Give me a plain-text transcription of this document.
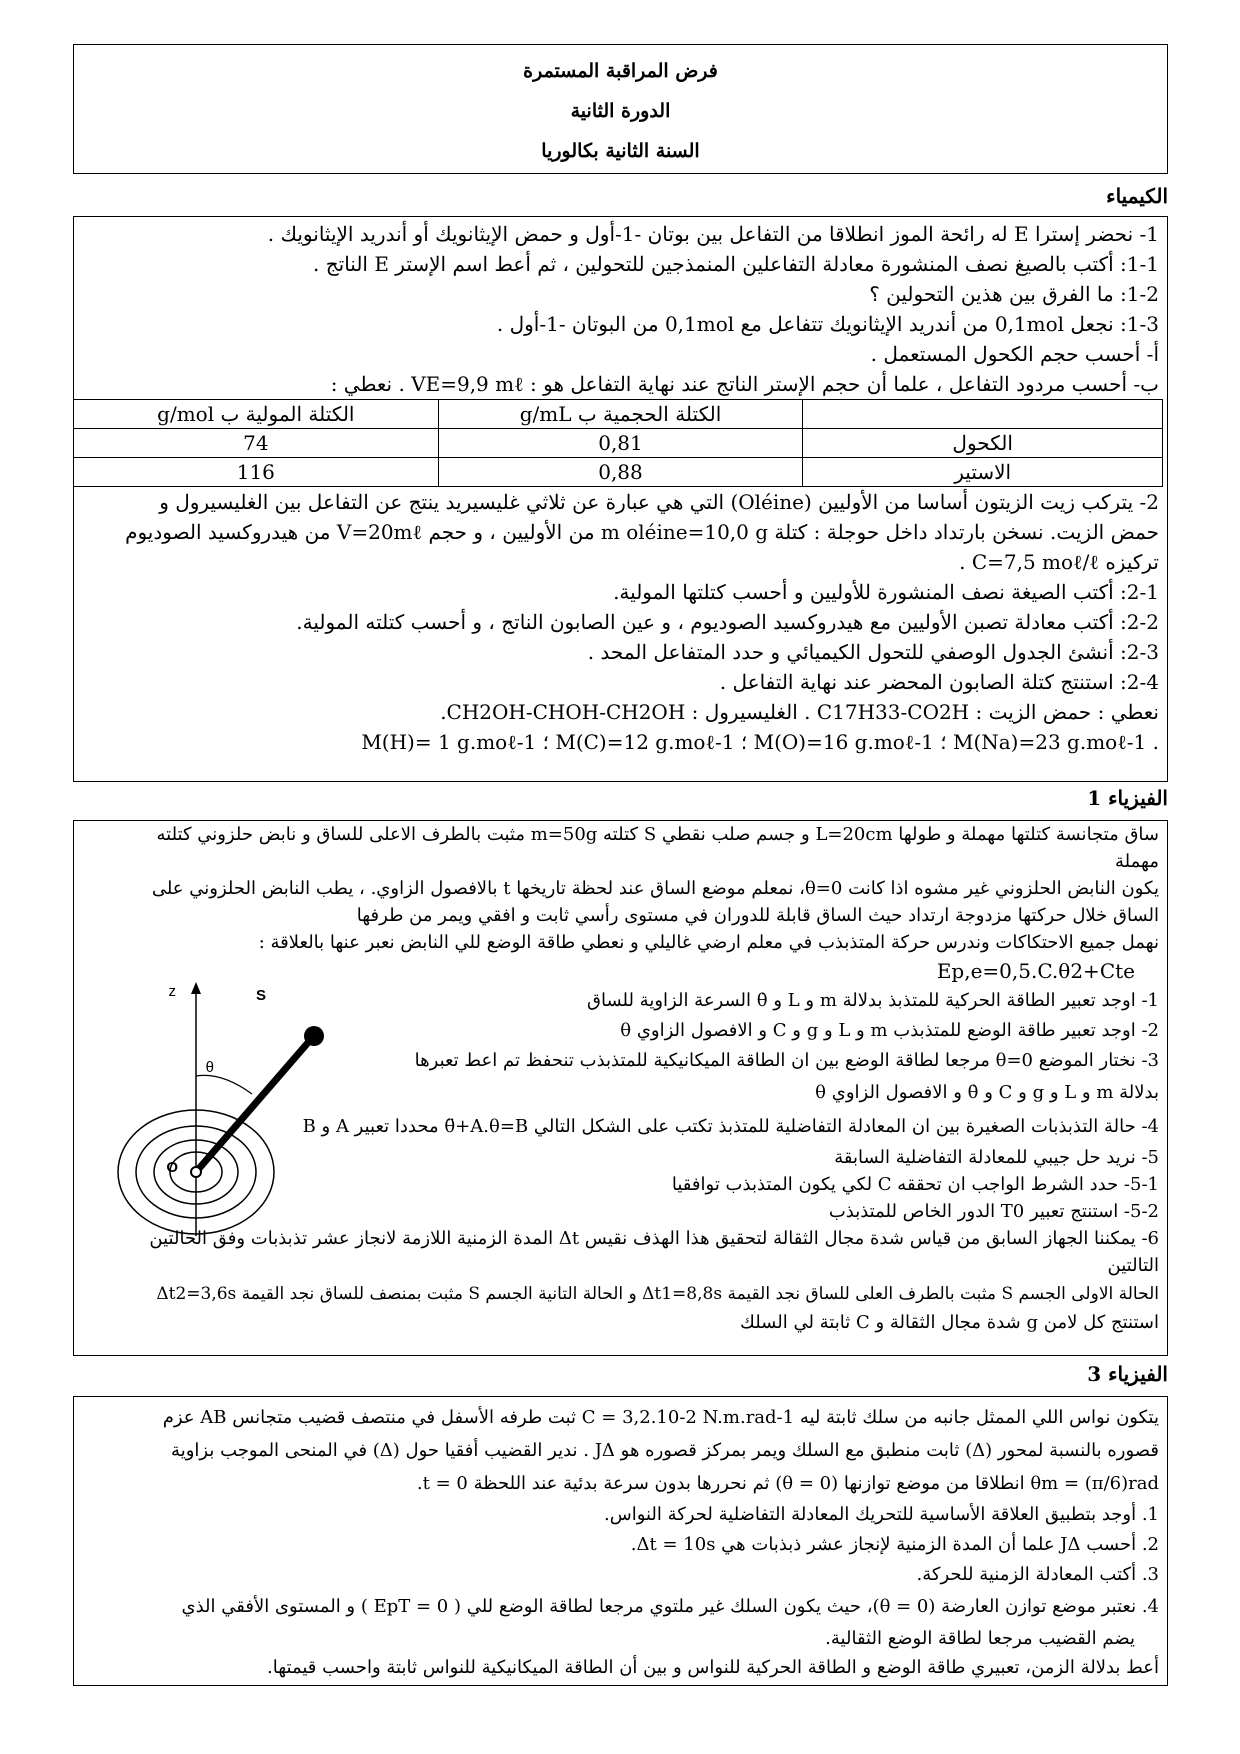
فرض المراقبة المستمرة
الدورة الثانية
السنة الثانية بكالوريا
الكيمياء
1- نحضر إسترا E له رائحة الموز انطلاقا من التفاعل بين بوتان -1-أول و حمض الإيثانويك أو أندريد الإيثانويك .
1-1: أكتب بالصيغ نصف المنشورة معادلة التفاعلين المنمذجين للتحولين ، ثم أعط اسم الإستر E الناتج .
1-2: ما الفرق بين هذين التحولين ؟
1-3: نجعل 0,1mol من أندريد الإيثانويك تتفاعل مع 0,1mol من البوتان -1-أول .
أ- أحسب حجم الكحول المستعمل .
ب- أحسب مردود التفاعل ، علما أن حجم الإستر الناتج عند نهاية التفاعل هو : VE=9,9 mℓ . نعطي :
	الكتلة الحجمية ب g/mL	الكتلة المولية ب g/mol
الكحول	0,81	74
الاستير	0,88	116
2- يتركب زيت الزيتون أساسا من الأوليين (Oléine) التي هي عبارة عن ثلاثي غليسيريد ينتج عن التفاعل بين الغليسيرول و
حمض الزيت. نسخن بارتداد داخل حوجلة : كتلة m oléine=10,0 g من الأوليين ، و حجم V=20mℓ من هيدروكسيد الصوديوم
تركيزه C=7,5 moℓ/ℓ .
2-1: أكتب الصيغة نصف المنشورة للأوليين و أحسب كتلتها المولية.
2-2: أكتب معادلة تصبن الأوليين مع هيدروكسيد الصوديوم ، و عين الصابون الناتج ، و أحسب كتلته المولية.
2-3: أنشئ الجدول الوصفي للتحول الكيميائي و حدد المتفاعل المحد .
2-4: استنتج كتلة الصابون المحضر عند نهاية التفاعل .
نعطي : حمض الزيت : C17H33-CO2H . الغليسيرول : CH2OH-CHOH-CH2OH.
. M(Na)=23 g.moℓ-1 ؛ M(O)=16 g.moℓ-1 ؛ M(C)=12 g.moℓ-1 ؛ M(H)= 1 g.moℓ-1
الفيزياء 1
ساق متجانسة كتلتها مهملة و طولها L=20cm و جسم صلب نقطي S كتلته m=50g مثبت بالطرف الاعلى للساق و نابض حلزوني كتلته
مهملة
يكون النابض الحلزوني غير مشوه اذا كانت θ=0، نمعلم موضع الساق عند لحظة تاريخها t بالافصول الزاوي. ، يطب النابض الحلزوني على
الساق خلال حركتها مزدوجة ارتداد حيث الساق قابلة للدوران في مستوى رأسي ثابت و افقي ويمر من طرفها
نهمل جميع الاحتكاكات وندرس حركة المتذبذب في معلم ارضي غاليلي و نعطي طاقة الوضع للي النابض نعبر عنها بالعلاقة :
Ep,e=0,5.C.θ2+Cte
1- اوجد تعبير الطاقة الحركية للمتذبذ بدلالة m و L و θ̇ السرعة الزاوية للساق
2- اوجد تعبير طاقة الوضع للمتذبذب m و L و g و C و الافصول الزاوي θ
3- نختار الموضع θ=0 مرجعا لطاقة الوضع بين ان الطاقة الميكانيكية للمتذبذب تنحفظ تم اعط تعبرها
بدلالة m و L و g و C و θ̇ و الافصول الزاوي θ
4- حالة التذبذبات الصغيرة بين ان المعادلة التفاضلية للمتذبذ تكتب على الشكل التالي θ̈+A.θ=B محددا تعبير A و B
5- نريد حل جيبي للمعادلة التفاضلية السابقة
5-1- حدد الشرط الواجب ان تحققه C لكي يكون المتذبذب توافقيا
5-2- استنتج تعبير T0 الدور الخاص للمتذبذب
6- يمكننا الجهاز السابق من قياس شدة مجال الثقالة لتحقيق هذا الهذف نقيس Δt المدة الزمنية اللازمة لانجاز عشر تذبذبات وفق الحالتين
التالتين
الحالة الاولى الجسم S مثبت بالطرف العلى للساق نجد القيمة Δt1=8,8s و الحالة التانية الجسم S مثبت بمنصف للساق نجد القيمة Δt2=3,6s
استنتج كل لامن g شدة مجال الثقالة و C ثابتة لي السلك
z	S
θ
O
الفيزياء 3
يتكون نواس اللي الممثل جانبه من سلك ثابتة ليه C = 3,2.10-2 N.m.rad-1 ثبت طرفه الأسفل في منتصف قضيب متجانس AB عزم
قصوره بالنسبة لمحور (Δ) ثابت منطبق مع السلك ويمر بمركز قصوره هو JΔ . ندير القضيب أفقيا حول (Δ) في المنحى الموجب بزاوية
θm = (π/6)rad انطلاقا من موضع توازنها (θ = 0) ثم نحررها بدون سرعة بدئية عند اللحظة t = 0.
1. أوجد بتطبيق العلاقة الأساسية للتحريك المعادلة التفاضلية لحركة النواس.
2. أحسب JΔ علما أن المدة الزمنية لإنجاز عشر ذبذبات هي Δt = 10s.
3. أكتب المعادلة الزمنية للحركة.
4. نعتبر موضع توازن العارضة (θ = 0)، حيث يكون السلك غير ملتوي مرجعا لطاقة الوضع للي ( EpT = 0 ) و المستوى الأفقي الذي
يضم القضيب مرجعا لطاقة الوضع الثقالية.
أعط بدلالة الزمن، تعبيري طاقة الوضع و الطاقة الحركية للنواس و بين أن الطاقة الميكانيكية للنواس ثابتة واحسب قيمتها.
